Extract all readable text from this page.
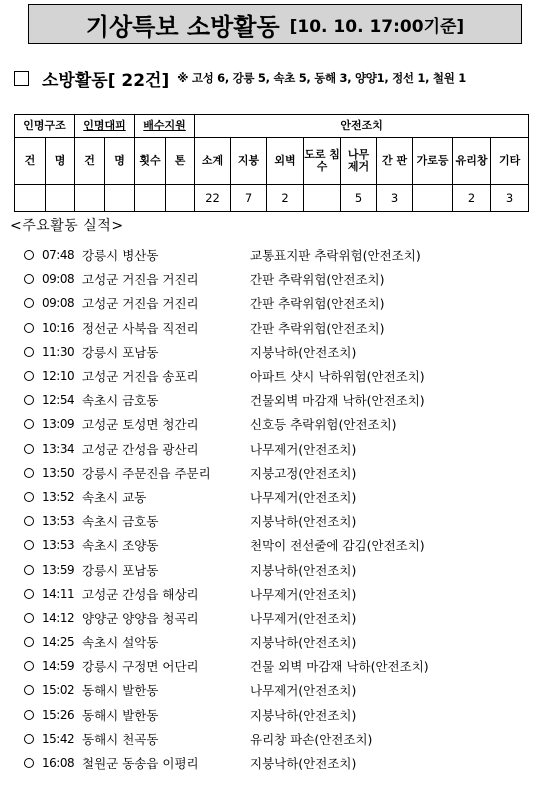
기상특보 소방활동 [10. 10. 17:00기준]
소방활동[ 22건] ※ 고성 6, 강릉 5, 속초 5, 동해 3, 양양1, 정선 1, 철원 1
인명구조		인명대피		배수지원		안전조치								
건	명	건	명	횟수	톤	소계	지붕	외벽	도로 침수	나무 제거	간 판	가로등	유리창	기타
						22	7	2		5	3		2	3
<주요활동 실적>
07:48 강릉시 병산동	교통표지판 추락위험(안전조치)
09:08 고성군 거진읍 거진리	간판 추락위험(안전조치)
09:08 고성군 거진읍 거진리	간판 추락위험(안전조치)
10:16 정선군 사북읍 직전리	간판 추락위험(안전조치)
11:30 강릉시 포남동	지붕낙하(안전조치)
12:10 고성군 거진읍 송포리	아파트 샷시 낙하위험(안전조치)
12:54 속초시 금호동	건물외벽 마감재 낙하(안전조치)
13:09 고성군 토성면 청간리	신호등 추락위험(안전조치)
13:34 고성군 간성읍 광산리	나무제거(안전조치)
13:50 강릉시 주문진읍 주문리	지붕고정(안전조치)
13:52 속초시 교동	나무제거(안전조치)
13:53 속초시 금호동	지붕낙하(안전조치)
13:53 속초시 조양동	천막이 전선줄에 감김(안전조치)
13:59 강릉시 포남동	지붕낙하(안전조치)
14:11 고성군 간성읍 해상리	나무제거(안전조치)
14:12 양양군 양양읍 청곡리	나무제거(안전조치)
14:25 속초시 설악동	지붕낙하(안전조치)
14:59 강릉시 구정면 어단리	건물 외벽 마감재 낙하(안전조치)
15:02 동해시 발한동	나무제거(안전조치)
15:26 동해시 발한동	지붕낙하(안전조치)
15:42 동해시 천곡동	유리창 파손(안전조치)
16:08 철원군 동송읍 이평리	지붕낙하(안전조치)
